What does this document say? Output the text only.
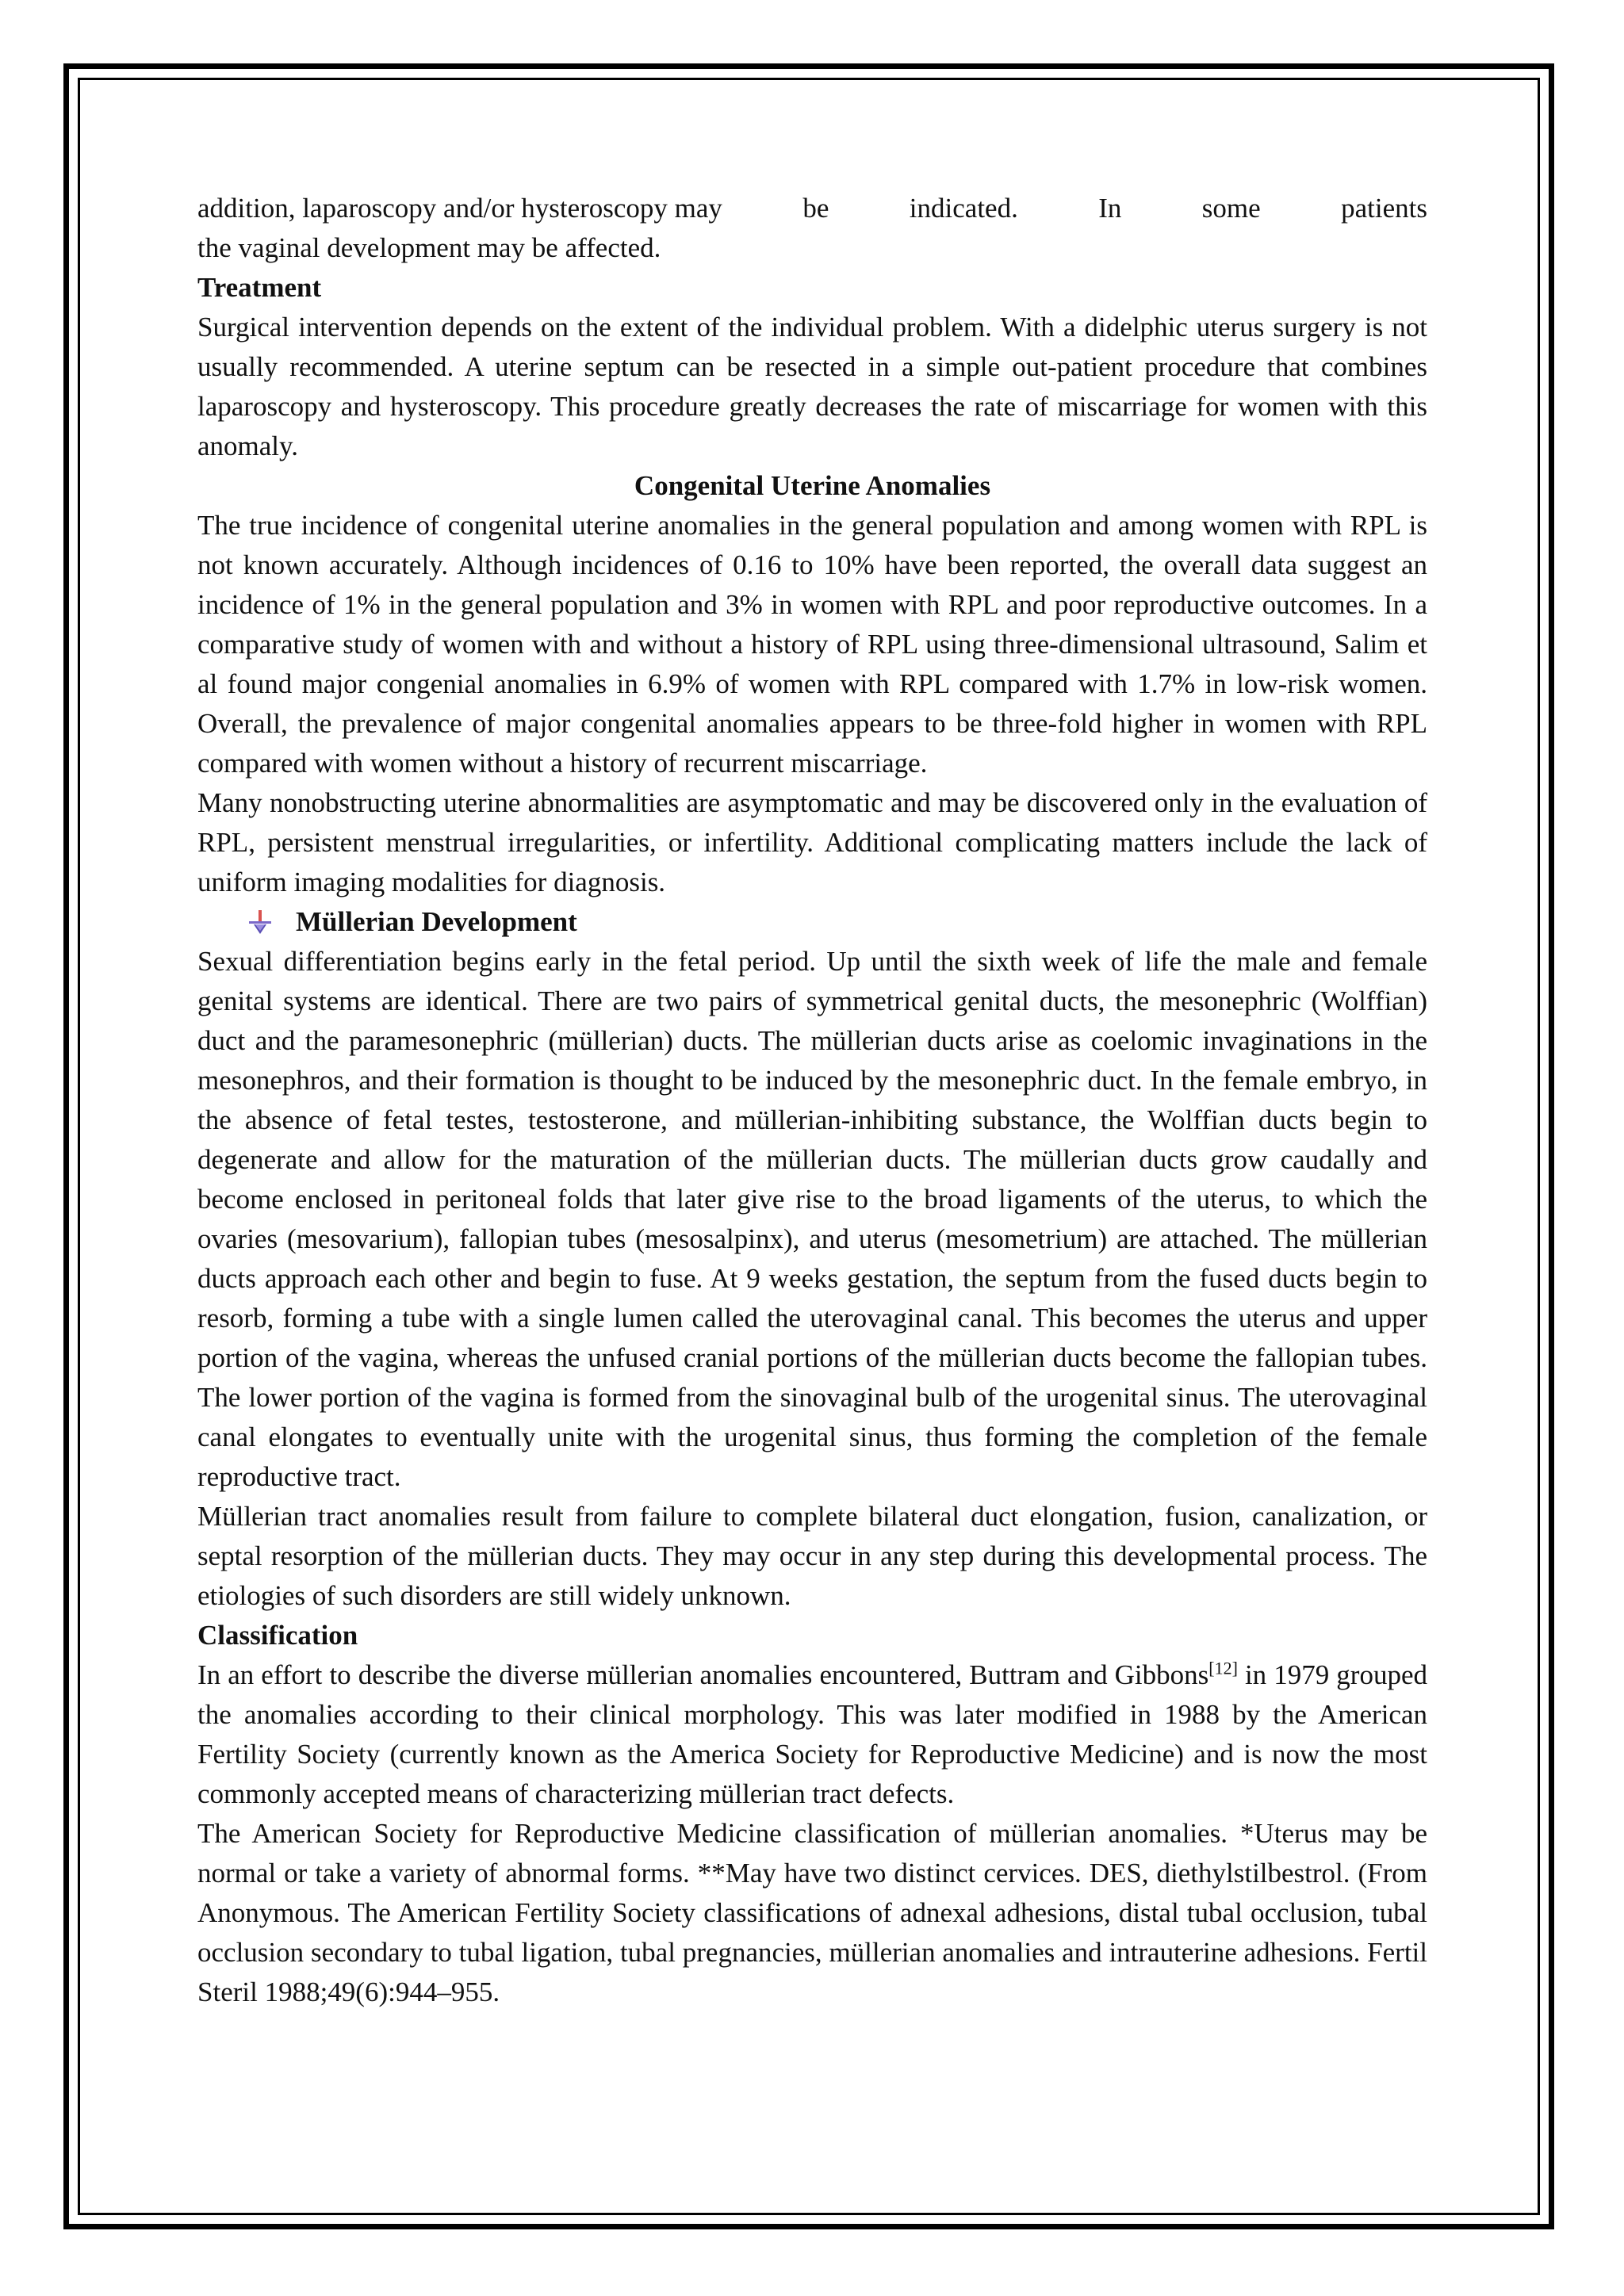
addition, laparoscopy and/or hysteroscopy may	be	indicated.	In	some	patients

the vaginal development may be affected.

Treatment

Surgical intervention depends on the extent of the individual problem. With a didelphic uterus surgery is not usually recommended. A uterine septum can be resected in a simple out-patient procedure that combines laparoscopy and hysteroscopy. This procedure greatly decreases the rate of miscarriage for women with this anomaly.

Congenital Uterine Anomalies

The true incidence of congenital uterine anomalies in the general population and among women with RPL is not known accurately. Although incidences of 0.16 to 10% have been reported, the overall data suggest an incidence of 1% in the general population and 3% in women with RPL and poor reproductive outcomes. In a comparative study of women with and without a history of RPL using three-dimensional ultrasound, Salim et al found major congenial anomalies in 6.9% of women with RPL compared with 1.7% in low-risk women. Overall, the prevalence of major congenital anomalies appears to be three-fold higher in women with RPL compared with women without a history of recurrent miscarriage.

Many nonobstructing uterine abnormalities are asymptomatic and may be discovered only in the evaluation of RPL, persistent menstrual irregularities, or infertility. Additional complicating matters include the lack of uniform imaging modalities for diagnosis.

Müllerian Development

Sexual differentiation begins early in the fetal period. Up until the sixth week of life the male and female genital systems are identical. There are two pairs of symmetrical genital ducts, the mesonephric (Wolffian) duct and the paramesonephric (müllerian) ducts. The müllerian ducts arise as coelomic invaginations in the mesonephros, and their formation is thought to be induced by the mesonephric duct. In the female embryo, in the absence of fetal testes, testosterone, and müllerian-inhibiting substance, the Wolffian ducts begin to degenerate and allow for the maturation of the müllerian ducts. The müllerian ducts grow caudally and become enclosed in peritoneal folds that later give rise to the broad ligaments of the uterus, to which the ovaries (mesovarium), fallopian tubes (mesosalpinx), and uterus (mesometrium) are attached. The müllerian ducts approach each other and begin to fuse. At 9 weeks gestation, the septum from the fused ducts begin to resorb, forming a tube with a single lumen called the uterovaginal canal. This becomes the uterus and upper portion of the vagina, whereas the unfused cranial portions of the müllerian ducts become the fallopian tubes. The lower portion of the vagina is formed from the sinovaginal bulb of the urogenital sinus. The uterovaginal canal elongates to eventually unite with the urogenital sinus, thus forming the completion of the female reproductive tract.

Müllerian tract anomalies result from failure to complete bilateral duct elongation, fusion, canalization, or septal resorption of the müllerian ducts. They may occur in any step during this developmental process. The etiologies of such disorders are still widely unknown.

Classification

In an effort to describe the diverse müllerian anomalies encountered, Buttram and Gibbons[12] in 1979 grouped the anomalies according to their clinical morphology. This was later modified in 1988 by the American Fertility Society (currently known as the America Society for Reproductive Medicine) and is now the most commonly accepted means of characterizing müllerian tract defects.

The American Society for Reproductive Medicine classification of müllerian anomalies. *Uterus may be normal or take a variety of abnormal forms. **May have two distinct cervices. DES, diethylstilbestrol. (From Anonymous. The American Fertility Society classifications of adnexal adhesions, distal tubal occlusion, tubal occlusion secondary to tubal ligation, tubal pregnancies, müllerian anomalies and intrauterine adhesions. Fertil Steril 1988;49(6):944–955.
